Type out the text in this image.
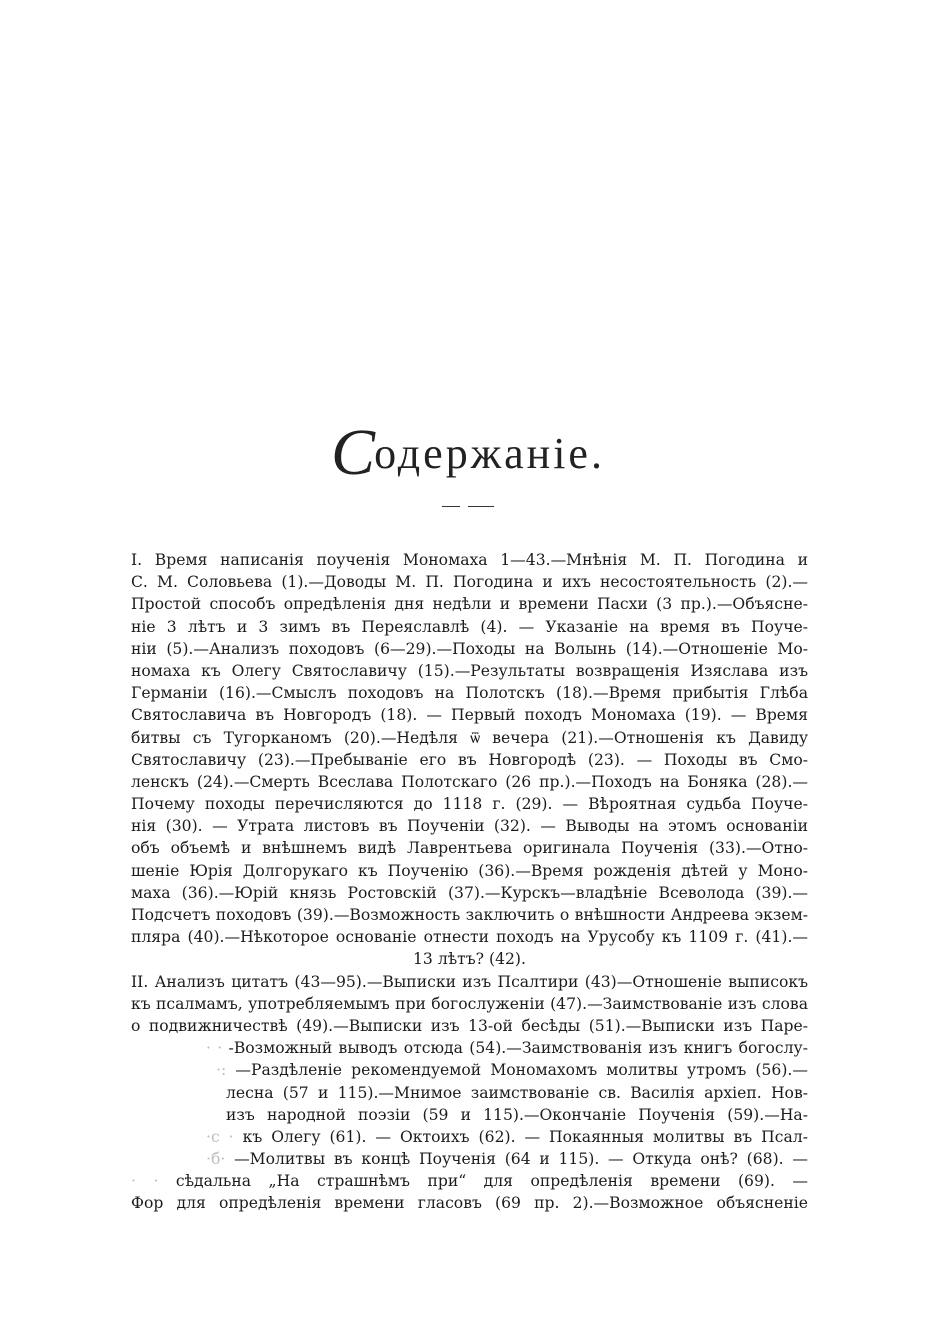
Содержаніе.
I. Время написанія поученія Мономаха 1—43.—Мнѣнія М. П. Погодина и
С. М. Соловьева (1).—Доводы М. П. Погодина и ихъ несостоятельность (2).—
Простой способъ опредѣленія дня недѣли и времени Пасхи (3 пр.).—Объясне-
ніе 3 лѣтъ и 3 зимъ въ Переяславлѣ (4). — Указаніе на время въ Поуче-
ніи (5).—Анализъ походовъ (6—29).—Походы на Волынь (14).—Отношеніе Мо-
номаха къ Олегу Святославичу (15).—Результаты возвращенія Изяслава изъ
Германіи (16).—Смыслъ походовъ на Полотскъ (18).—Время прибытія Глѣба
Святославича въ Новгородъ (18). — Первый походъ Мономаха (19). — Время
битвы съ Тугорканомъ (20).—Недѣля ѿ вечера (21).—Отношенія къ Давиду
Святославичу (23).—Пребываніе его въ Новгородѣ (23). — Походы въ Смо-
ленскъ (24).—Смерть Всеслава Полотскаго (26 пр.).—Походъ на Боняка (28).—
Почему походы перечисляются до 1118 г. (29). — Вѣроятная судьба Поуче-
нія (30). — Утрата листовъ въ Поученіи (32). — Выводы на этомъ основаніи
объ объемѣ и внѣшнемъ видѣ Лаврентьева оригинала Поученія (33).—Отно-
шеніе Юрія Долгорукаго къ Поученію (36).—Время рожденія дѣтей у Моно-
маха (36).—Юрій князь Ростовскій (37).—Курскъ—владѣніе Всеволода (39).—
Подсчетъ походовъ (39).—Возможность заключить о внѣшности Андреева экзем-
пляра (40).—Нѣкоторое основаніе отнести походъ на Урусобу къ 1109 г. (41).—
13 лѣтъ? (42).
II. Анализъ цитатъ (43—95).—Выписки изъ Псалтири (43)—Отношеніе выписокъ
къ псалмамъ, употребляемымъ при богослуженіи (47).—Заимствованіе изъ слова
о подвижничествѣ (49).—Выписки изъ 13-ой бесѣды (51).—Выписки изъ Паре-
· · -Возможный выводъ отсюда (54).—Заимствованія изъ книгъ богослу-
·: —Раздѣленіе рекомендуемой Мономахомъ молитвы утромъ (56).—
лесна (57 и 115).—Мнимое заимствованіе св. Василія архіеп. Нов-
изъ народной поэзіи (59 и 115).—Окончаніе Поученія (59).—На-
·с · къ Олегу (61). — Октоихъ (62). — Покаянныя молитвы въ Псал-
·б· —Молитвы въ концѣ Поученія (64 и 115). — Откуда онѣ? (68). —
· · сѣдальна „На страшнѣмъ при“ для опредѣленія времени (69). —
Фор для опредѣленія времени гласовъ (69 пр. 2).—Возможное объясненіе
